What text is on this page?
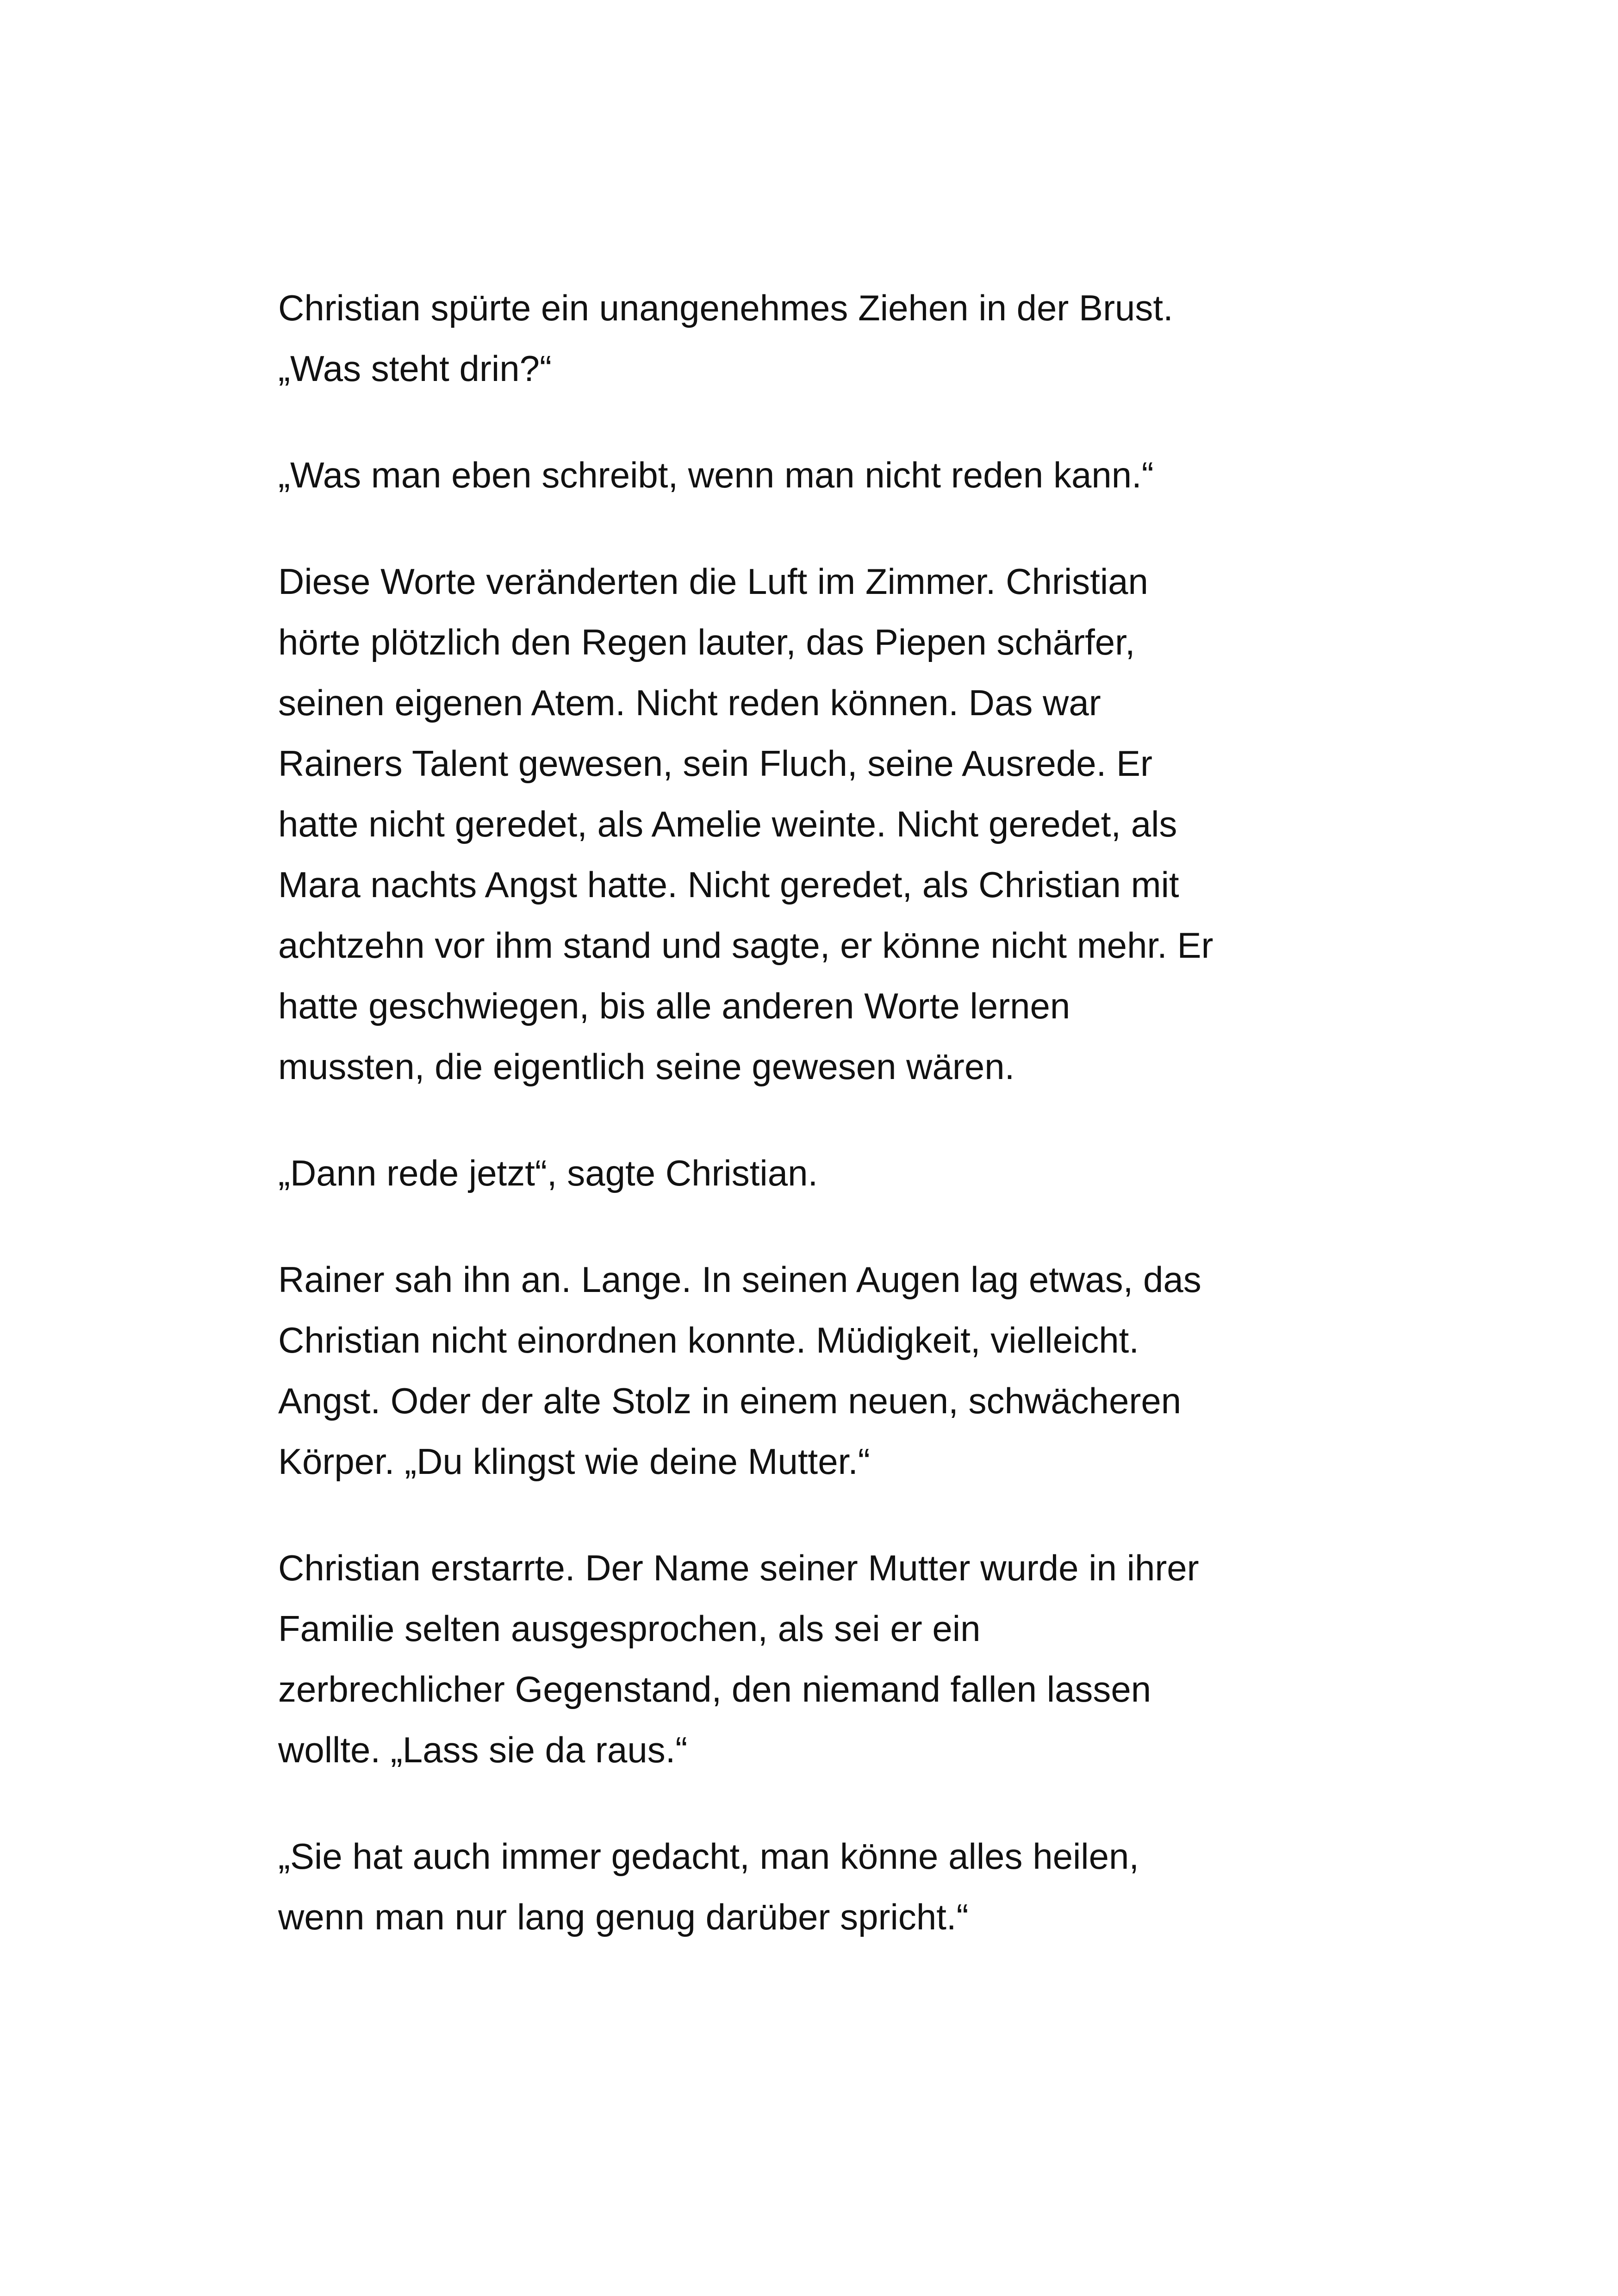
Christian spürte ein unangenehmes Ziehen in der Brust.
„Was steht drin?“

„Was man eben schreibt, wenn man nicht reden kann.“

Diese Worte veränderten die Luft im Zimmer. Christian
hörte plötzlich den Regen lauter, das Piepen schärfer,
seinen eigenen Atem. Nicht reden können. Das war
Rainers Talent gewesen, sein Fluch, seine Ausrede. Er
hatte nicht geredet, als Amelie weinte. Nicht geredet, als
Mara nachts Angst hatte. Nicht geredet, als Christian mit
achtzehn vor ihm stand und sagte, er könne nicht mehr. Er
hatte geschwiegen, bis alle anderen Worte lernen
mussten, die eigentlich seine gewesen wären.

„Dann rede jetzt“, sagte Christian.

Rainer sah ihn an. Lange. In seinen Augen lag etwas, das
Christian nicht einordnen konnte. Müdigkeit, vielleicht.
Angst. Oder der alte Stolz in einem neuen, schwächeren
Körper. „Du klingst wie deine Mutter.“

Christian erstarrte. Der Name seiner Mutter wurde in ihrer
Familie selten ausgesprochen, als sei er ein
zerbrechlicher Gegenstand, den niemand fallen lassen
wollte. „Lass sie da raus.“

„Sie hat auch immer gedacht, man könne alles heilen,
wenn man nur lang genug darüber spricht.“
